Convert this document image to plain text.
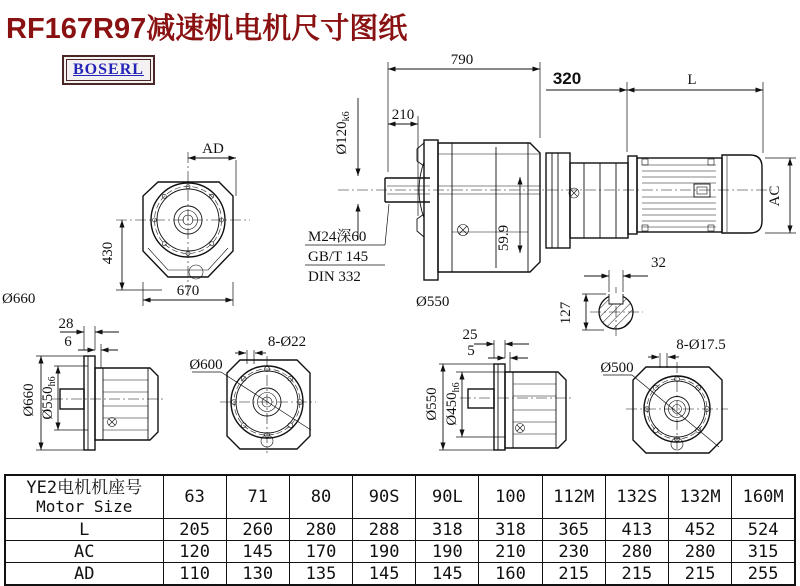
RF167R97减速机电机尺寸图纸
BOSERL
AD
430
670
790
210
$Ø120_{k6}$
M24深60
GB/T 145
DIN 332
59.9
320	L
AC
32
127
Ø660
28
6
Ø660 $Ø550_{h6}$
Ø600
8-Ø22
Ø550
25
5
Ø550 $Ø450_{h6}$
Ø500
8-Ø17.5
YE2电机机座号
Motor Size	63	71	80	90S	90L	100	112M	132S	132M	160M
L	205	260	280	288	318	318	365	413	452	524
AC	120	145	170	190	190	210	230	280	280	315
AD	110	130	135	145	145	160	215	215	215	255
